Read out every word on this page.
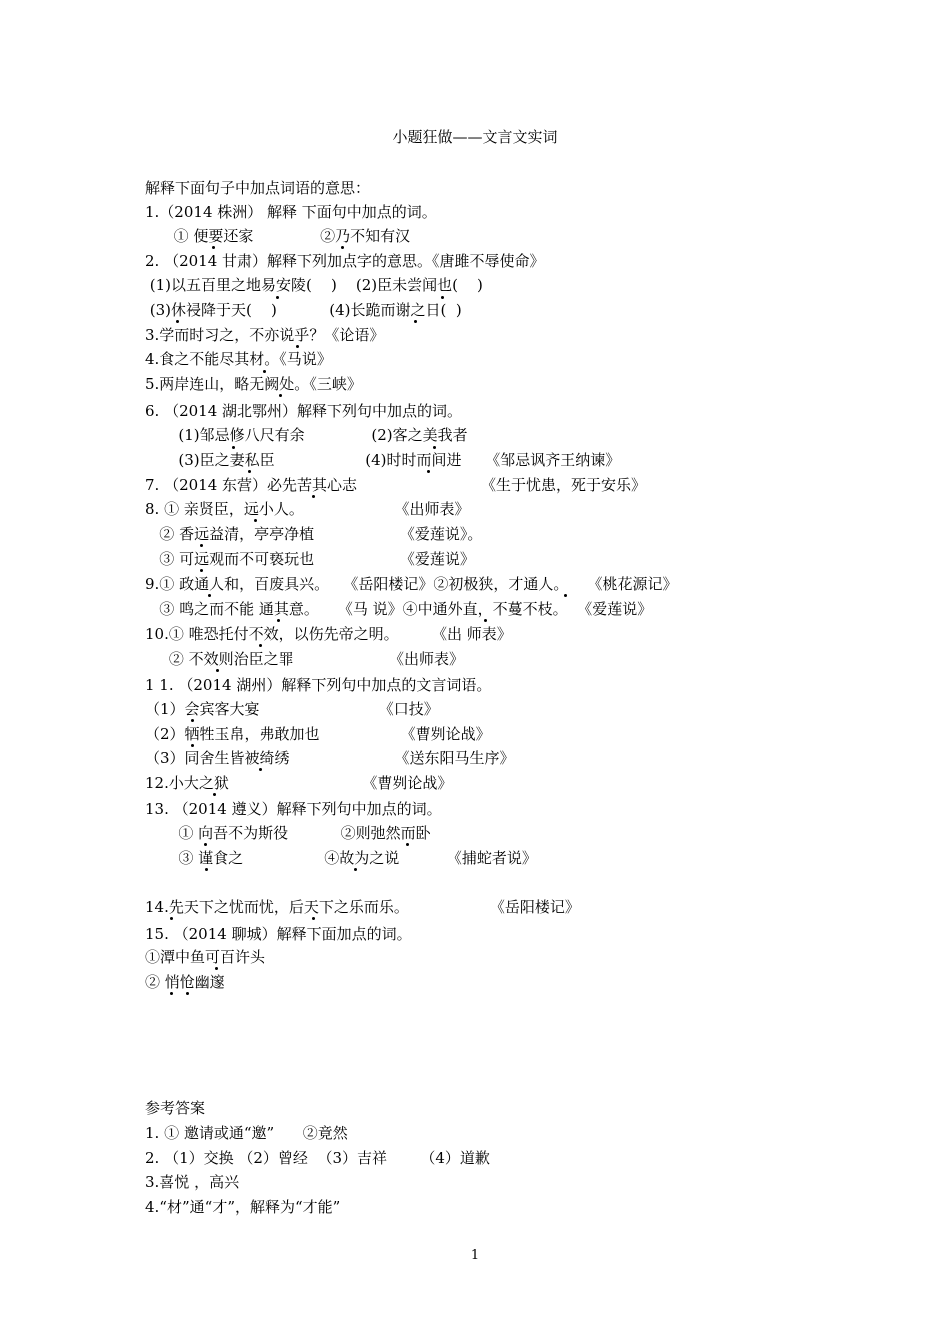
小题狂做——文言文实词
解释下面句子中加点词语的意思：
1.（2014 株洲） 解释 下面句中加点的词。
① 便要还家              ②乃不知有汉
2. （2014 甘肃）解释下列加点字的意思。《唐雎不辱使命》
(1)以五百里之地易安陵(    )    (2)臣未尝闻也(    )
(3)休祲降于天(    )           (4)长跪而谢之日(  )
3.学而时习之，不亦说乎？《论语》
4.食之不能尽其材。《马说》
5.两岸连山，略无阙处。《三峡》
6. （2014 湖北鄂州）解释下列句中加点的词。
(1)邹忌修八尺有余              (2)客之美我者
(3)臣之妻私臣                   (4)时时而间进     《邹忌讽齐王纳谏》
7. （2014 东营）必先苦其心志                          《生于忧患，死于安乐》
8. ① 亲贤臣，远小人。                   《出师表》
② 香远益清，亭亭净植                  《爱莲说》。
③ 可远观而不可亵玩也                  《爱莲说》
9.① 政通人和，百废具兴。   《岳阳楼记》②初极狭，才通人。    《桃花源记》
③ 鸣之而不能 通其意。    《马 说》④中通外直，不蔓不枝。  《爱莲说》
10.① 唯恐托付不效，以伤先帝之明。       《出 师表》
② 不效则治臣之罪                    《出师表》
1 1. （2014 湖州）解释下列句中加点的文言词语。
（1）会宾客大宴                         《口技》
（2）牺牲玉帛，弗敢加也                 《曹刿论战》
（3）同舍生皆被绮绣                      《送东阳马生序》
12.小大之狱                            《曹刿论战》
13. （2014 遵义）解释下列句中加点的词。
① 向吾不为斯役           ②则弛然而卧
③ 谨食之                 ④故为之说          《捕蛇者说》
14.先天下之忧而忧，后天下之乐而乐。                 《岳阳楼记》
15. （2014 聊城）解释下面加点的词。
①潭中鱼可百许头
② 悄怆幽邃
参考答案
1. ① 邀请或通“邀”      ②竟然
2. （1）交换 （2）曾经  （3）吉祥       （4）道歉
3.喜悦 ，高兴
4.“材”通“才”，解释为“才能”
1
